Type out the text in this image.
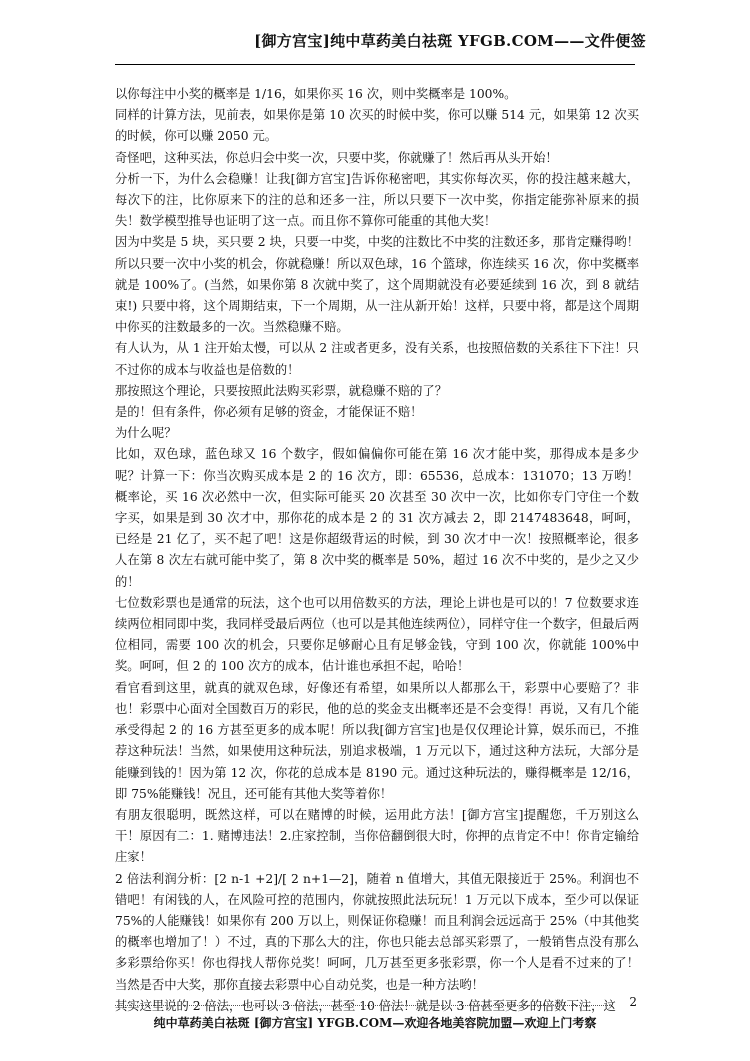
[御方宫宝]纯中草药美白祛斑 YFGB.COM——文件便签

以你每注中小奖的概率是 1/16，如果你买 16 次，则中奖概率是 100%。

同样的计算方法，见前表，如果你是第 10 次买的时候中奖，你可以赚 514 元，如果第 12 次买的时候，你可以赚 2050 元。

奇怪吧，这种买法，你总归会中奖一次，只要中奖，你就赚了！然后再从头开始！

分析一下，为什么会稳赚！让我[御方宫宝]告诉你秘密吧，其实你每次买，你的投注越来越大，每次下的注，比你原来下的注的总和还多一注，所以只要下一次中奖，你指定能弥补原来的损失！数学模型推导也证明了这一点。而且你不算你可能重的其他大奖！

因为中奖是 5 块，买只要 2 块，只要一中奖，中奖的注数比不中奖的注数还多，那肯定赚得哟！所以只要一次中小奖的机会，你就稳赚！所以双色球，16 个篮球，你连续买 16 次，你中奖概率就是 100%了。(当然，如果你第 8 次就中奖了，这个周期就没有必要延续到 16 次，到 8 就结束!) 只要中将，这个周期结束，下一个周期，从一注从新开始！这样，只要中将，都是这个周期中你买的注数最多的一次。当然稳赚不赔。

有人认为，从 1 注开始太慢，可以从 2 注或者更多，没有关系，也按照倍数的关系往下下注！只不过你的成本与收益也是倍数的！

那按照这个理论，只要按照此法购买彩票，就稳赚不赔的了？

是的！但有条件，你必须有足够的资金，才能保证不赔！

为什么呢？

比如，双色球，蓝色球又 16 个数字，假如偏偏你可能在第 16 次才能中奖，那得成本是多少呢？计算一下：你当次购买成本是 2 的 16 次方，即：65536，总成本：131070；13 万哟！概率论，买 16 次必然中一次，但实际可能买 20 次甚至 30 次中一次，比如你专门守住一个数字买，如果是到 30 次才中，那你花的成本是 2 的 31 次方减去 2，即 2147483648，呵呵，已经是 21 亿了，买不起了吧！这是你超级背运的时候，到 30 次才中一次！按照概率论，很多人在第 8 次左右就可能中奖了，第 8 次中奖的概率是 50%，超过 16 次不中奖的，是少之又少的！

七位数彩票也是通常的玩法，这个也可以用倍数买的方法，理论上讲也是可以的！7 位数要求连续两位相同即中奖，我同样受最后两位（也可以是其他连续两位），同样守住一个数字，但最后两位相同，需要 100 次的机会，只要你足够耐心且有足够金钱，守到 100 次，你就能 100%中奖。呵呵，但 2 的 100 次方的成本，估计谁也承担不起，哈哈！

看官看到这里，就真的就双色球，好像还有希望，如果所以人都那么干，彩票中心要赔了？非也！彩票中心面对全国数百万的彩民，他的总的奖金支出概率还是不会变得！再说，又有几个能承受得起 2 的 16 方甚至更多的成本呢！所以我[御方宫宝]也是仅仅理论计算，娱乐而已，不推荐这种玩法！当然，如果使用这种玩法，别追求极端，1 万元以下，通过这种方法玩，大部分是能赚到钱的！因为第 12 次，你花的总成本是 8190 元。通过这种玩法的，赚得概率是 12/16，即 75%能赚钱！况且，还可能有其他大奖等着你！

有朋友很聪明，既然这样，可以在赌博的时候，运用此方法！[御方宫宝]提醒您，千万别这么干！原因有二：1. 赌博违法！2.庄家控制，当你倍翻倒很大时，你押的点肯定不中！你肯定输给庄家！

2 倍法利润分析：[2 n-1 +2]/[ 2 n+1—2]，随着 n 值增大，其值无限接近于 25%。利润也不错吧！有闲钱的人，在风险可控的范围内，你就按照此法玩玩！1 万元以下成本，至少可以保证 75%的人能赚钱！如果你有 200 万以上，则保证你稳赚！而且利润会远远高于 25%（中其他奖的概率也增加了！）不过，真的下那么大的注，你也只能去总部买彩票了，一般销售点没有那么多彩票给你买！你也得找人帮你兑奖！呵呵，几万甚至更多张彩票，你一个人是看不过来的了！当然是否中大奖，那你直接去彩票中心自动兑奖，也是一种方法哟！

其实这里说的 2 倍法，也可以 3 倍法，甚至 10 倍法！就是以 3 倍甚至更多的倍数下注，这	2
纯中草药美白祛斑 [御方宫宝] YFGB.COM—欢迎各地美容院加盟—欢迎上门考察
